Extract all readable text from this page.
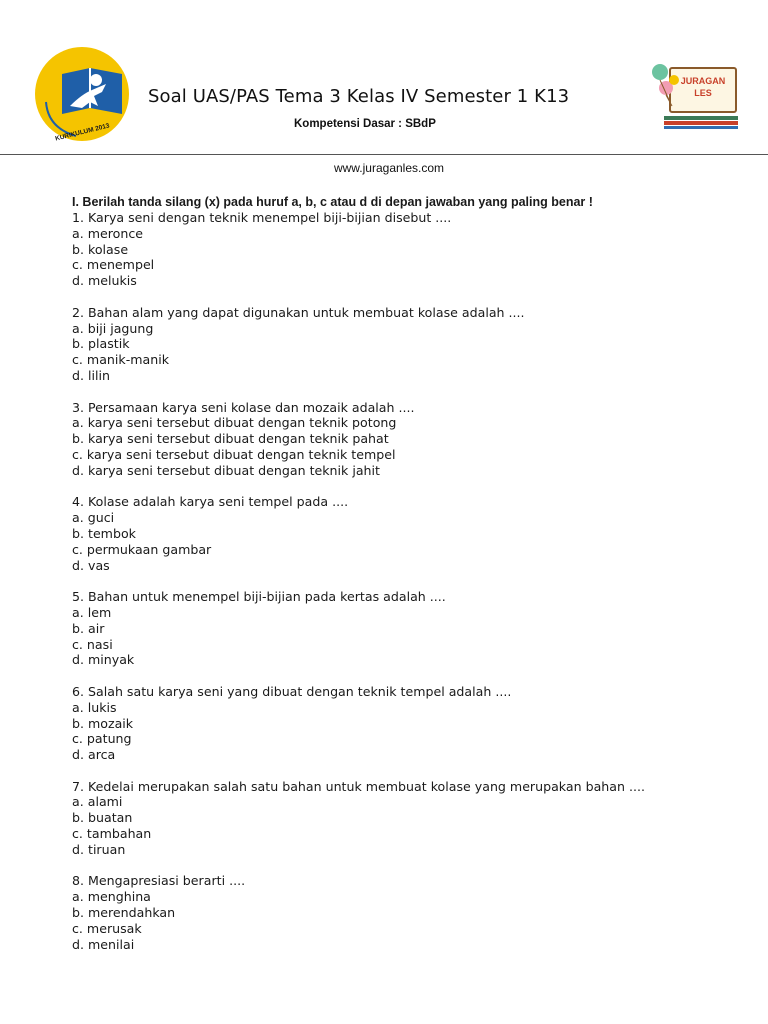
KURIKULUM 2013
JURAGAN
LES
Soal UAS/PAS Tema 3 Kelas IV Semester 1 K13
Kompetensi Dasar : SBdP
www.juraganles.com

I. Berilah tanda silang (x) pada huruf a, b, c atau d di depan jawaban yang paling benar !

1. Karya seni dengan teknik menempel biji-bijian disebut ....

a. meronce

b. kolase

c. menempel

d. melukis

2. Bahan alam yang dapat digunakan untuk membuat kolase adalah ....

a. biji jagung

b. plastik

c. manik-manik

d. lilin

3. Persamaan karya seni kolase dan mozaik adalah ....

a. karya seni tersebut dibuat dengan teknik potong

b. karya seni tersebut dibuat dengan teknik pahat

c. karya seni tersebut dibuat dengan teknik tempel

d. karya seni tersebut dibuat dengan teknik jahit

4. Kolase adalah karya seni tempel pada ....

a. guci

b. tembok

c. permukaan gambar

d. vas

5. Bahan untuk menempel biji-bijian pada kertas adalah ....

a. lem

b. air

c. nasi

d. minyak

6. Salah satu karya seni yang dibuat dengan teknik tempel adalah ....

a. lukis

b. mozaik

c. patung

d. arca

7. Kedelai merupakan salah satu bahan untuk membuat kolase yang merupakan bahan ....

a. alami

b. buatan

c. tambahan

d. tiruan

8. Mengapresiasi berarti ....

a. menghina

b. merendahkan

c. merusak

d. menilai
